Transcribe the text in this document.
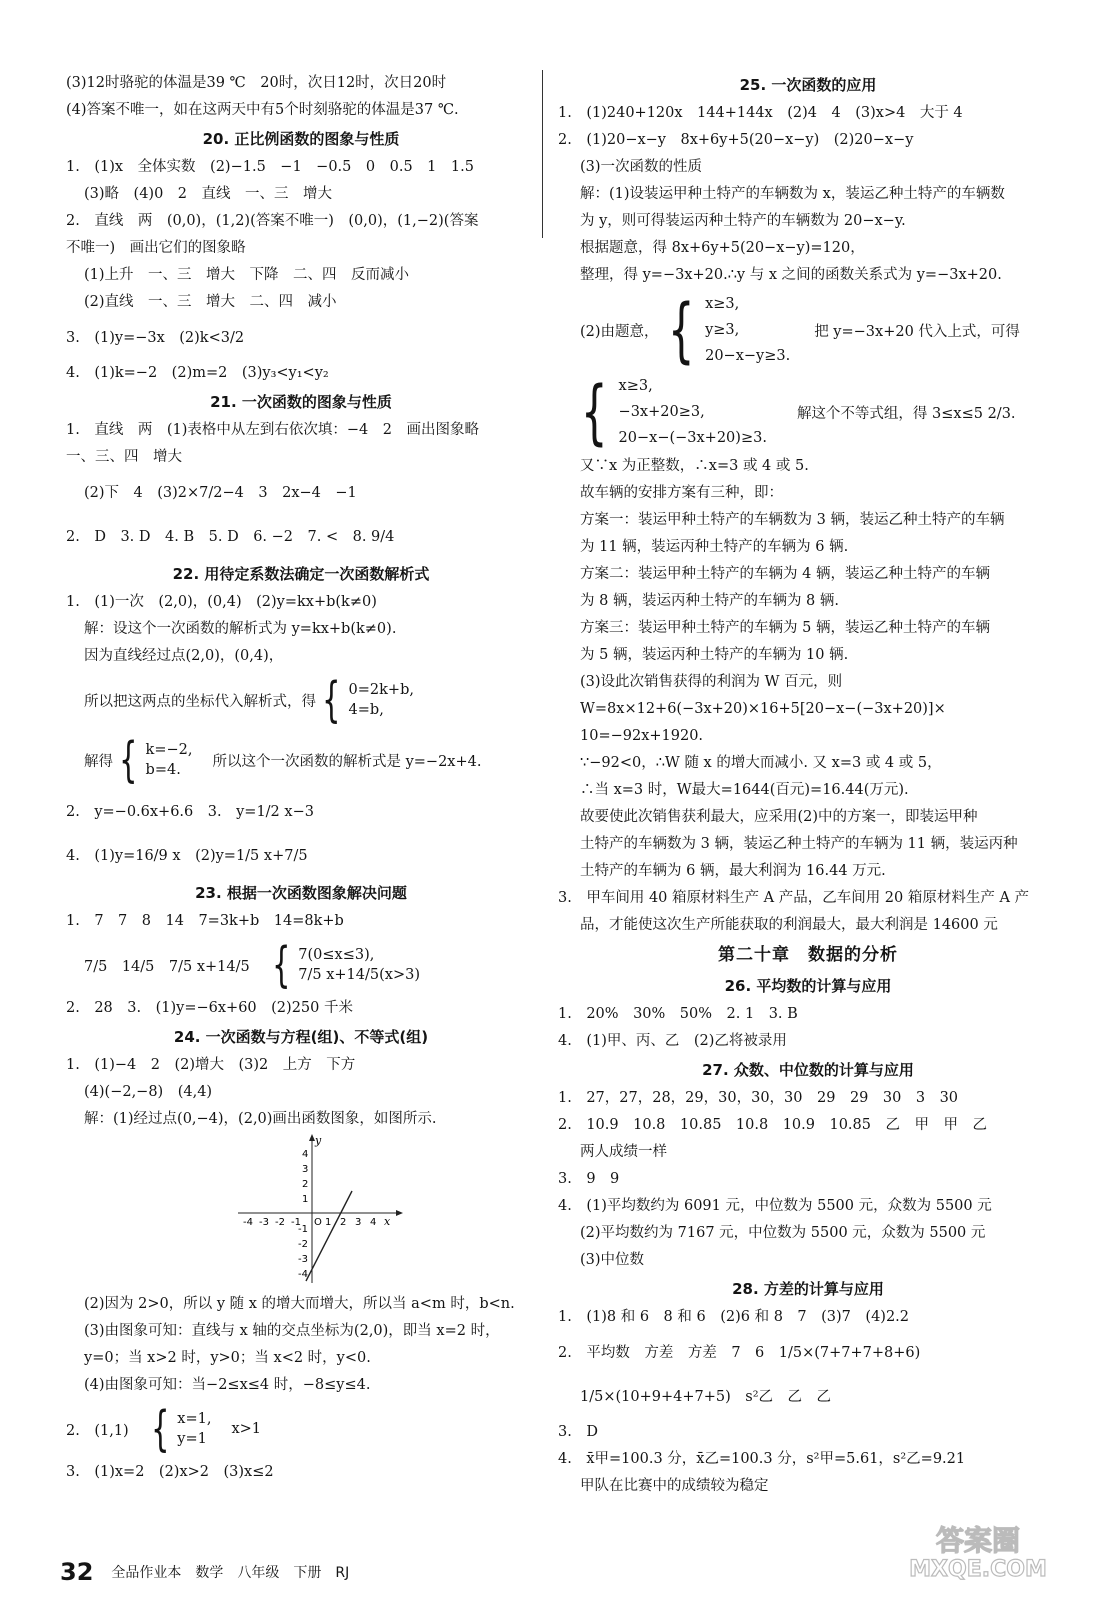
(3)12时骆驼的体温是39 ℃　20时，次日12时，次日20时
(4)答案不唯一，如在这两天中有5个时刻骆驼的体温是37 ℃.
20. 正比例函数的图象与性质
1.　(1)x　全体实数　(2)−1.5　−1　−0.5　0　0.5　1　1.5
(3)略　(4)0　2　直线　一、三　增大
2.　直线　两　(0,0)，(1,2)(答案不唯一)　(0,0)，(1,−2)(答案
不唯一)　画出它们的图象略
(1)上升　一、三　增大　下降　二、四　反而减小
(2)直线　一、三　增大　二、四　减小
3.　(1)y=−3x　(2)k<3/2
4.　(1)k=−2　(2)m=2　(3)y₃<y₁<y₂
21. 一次函数的图象与性质
1.　直线　两　(1)表格中从左到右依次填：−4　2　画出图象略
一、三、四　增大
(2)下　4　(3)2×7/2−4　3　2x−4　−1
2.　D　3. D　4. B　5. D　6. −2　7. <　8. 9/4
22. 用待定系数法确定一次函数解析式
1.　(1)一次　(2,0)，(0,4)　(2)y=kx+b(k≠0)
解：设这个一次函数的解析式为 y=kx+b(k≠0).
因为直线经过点(2,0)，(0,4)，
所以把这两点的坐标代入解析式，得 { 0=2k+b,
4=b,
解得 { k=−2,
b=4.
所以这个一次函数的解析式是 y=−2x+4.
2.　y=−0.6x+6.6　3.　y=1/2 x−3
4.　(1)y=16/9 x　(2)y=1/5 x+7/5
23. 根据一次函数图象解决问题
1.　7　7　8　14　7=3k+b　14=8k+b
7/5　14/5　7/5 x+14/5 { 7(0≤x≤3),
7/5 x+14/5(x>3)
2.　28　3.　(1)y=−6x+60　(2)250 千米
24. 一次函数与方程(组)、不等式(组)
1.　(1)−4　2　(2)增大　(3)2　上方　下方
(4)(−2,−8)　(4,4)
解：(1)经过点(0,−4)，(2,0)画出函数图象，如图所示.
y
x
-4 -3 -2 -1 O 1 2 3 4
4
3
2
1
-1
-2
-3
-4
(2)因为 2>0，所以 y 随 x 的增大而增大，所以当 a<m 时，b<n.
(3)由图象可知：直线与 x 轴的交点坐标为(2,0)，即当 x=2 时，
y=0；当 x>2 时，y>0；当 x<2 时，y<0.
(4)由图象可知：当−2≤x≤4 时，−8≤y≤4.
2.　(1,1) { x=1,
y=1
x>1
3.　(1)x=2　(2)x>2　(3)x≤2
25. 一次函数的应用
1.　(1)240+120x　144+144x　(2)4　4　(3)x>4　大于 4
2.　(1)20−x−y　8x+6y+5(20−x−y)　(2)20−x−y
(3)一次函数的性质
解：(1)设装运甲种土特产的车辆数为 x，装运乙种土特产的车辆数
为 y，则可得装运丙种土特产的车辆数为 20−x−y.
根据题意，得 8x+6y+5(20−x−y)=120，
整理，得 y=−3x+20.∴y 与 x 之间的函数关系式为 y=−3x+20.
(2)由题意， { x≥3,
y≥3,
20−x−y≥3.
把 y=−3x+20 代入上式，可得
{ x≥3,
−3x+20≥3,
20−x−(−3x+20)≥3.
解这个不等式组，得 3≤x≤5 2/3.
又∵x 为正整数，∴x=3 或 4 或 5.
故车辆的安排方案有三种，即：
方案一：装运甲种土特产的车辆数为 3 辆，装运乙种土特产的车辆
为 11 辆，装运丙种土特产的车辆为 6 辆.
方案二：装运甲种土特产的车辆为 4 辆，装运乙种土特产的车辆
为 8 辆，装运丙种土特产的车辆为 8 辆.
方案三：装运甲种土特产的车辆为 5 辆，装运乙种土特产的车辆
为 5 辆，装运丙种土特产的车辆为 10 辆.
(3)设此次销售获得的利润为 W 百元，则
W=8x×12+6(−3x+20)×16+5[20−x−(−3x+20)]×
10=−92x+1920.
∵−92<0，∴W 随 x 的增大而减小. 又 x=3 或 4 或 5，
∴当 x=3 时，W最大=1644(百元)=16.44(万元).
故要使此次销售获利最大，应采用(2)中的方案一，即装运甲种
土特产的车辆数为 3 辆，装运乙种土特产的车辆为 11 辆，装运丙种
土特产的车辆为 6 辆，最大利润为 16.44 万元.
3.　甲车间用 40 箱原材料生产 A 产品，乙车间用 20 箱原材料生产 A 产
品，才能使这次生产所能获取的利润最大，最大利润是 14600 元
第二十章　数据的分析
26. 平均数的计算与应用
1.　20%　30%　50%　2. 1　3. B
4.　(1)甲、丙、乙　(2)乙将被录用
27. 众数、中位数的计算与应用
1.　27，27，28，29，30，30，30　29　29　30　3　30
2.　10.9　10.8　10.85　10.8　10.9　10.85　乙　甲　甲　乙
两人成绩一样
3.　9　9
4.　(1)平均数约为 6091 元，中位数为 5500 元，众数为 5500 元
(2)平均数约为 7167 元，中位数为 5500 元，众数为 5500 元
(3)中位数
28. 方差的计算与应用
1.　(1)8 和 6　8 和 6　(2)6 和 8　7　(3)7　(4)2.2
2.　平均数　方差　方差　7　6　1/5×(7+7+7+8+6)
1/5×(10+9+4+7+5)　s²乙　乙　乙
3.　D
4.　x̄甲=100.3 分，x̄乙=100.3 分，s²甲=5.61，s²乙=9.21
甲队在比赛中的成绩较为稳定
32 全品作业本　数学　八年级　下册　RJ
答案圈
MXQE.COM
